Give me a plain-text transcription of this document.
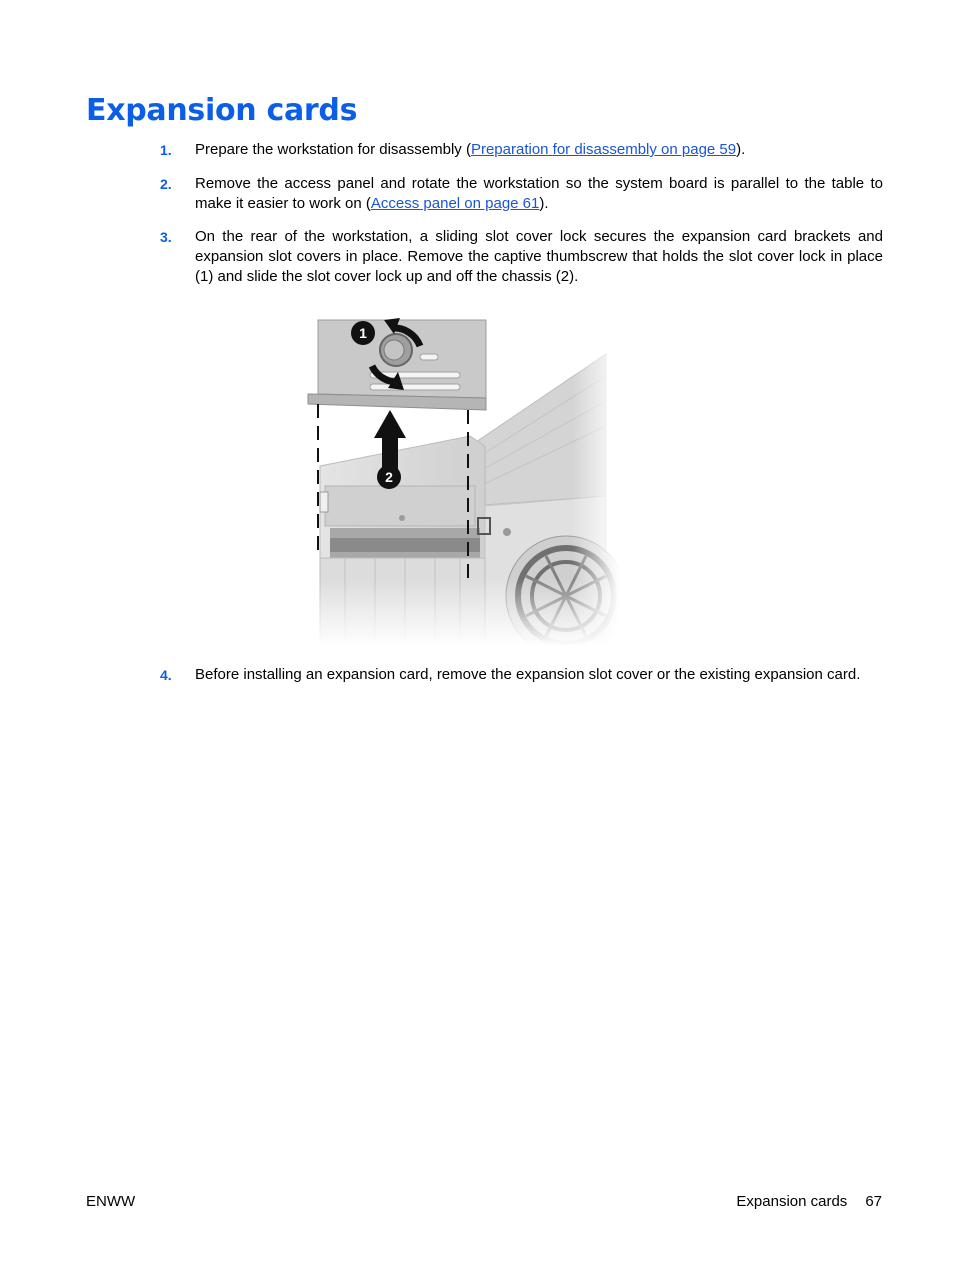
Expansion cards
1.	Prepare the workstation for disassembly (Preparation for disassembly on page 59).
2.	Remove the access panel and rotate the workstation so the system board is parallel to the table to make it easier to work on (Access panel on page 61).
3.	On the rear of the workstation, a sliding slot cover lock secures the expansion card brackets and expansion slot covers in place. Remove the captive thumbscrew that holds the slot cover lock in place (1) and slide the slot cover lock up and off the chassis (2).
4.	Before installing an expansion card, remove the expansion slot cover or the existing expansion card.
ENWW	Expansion cards 67
